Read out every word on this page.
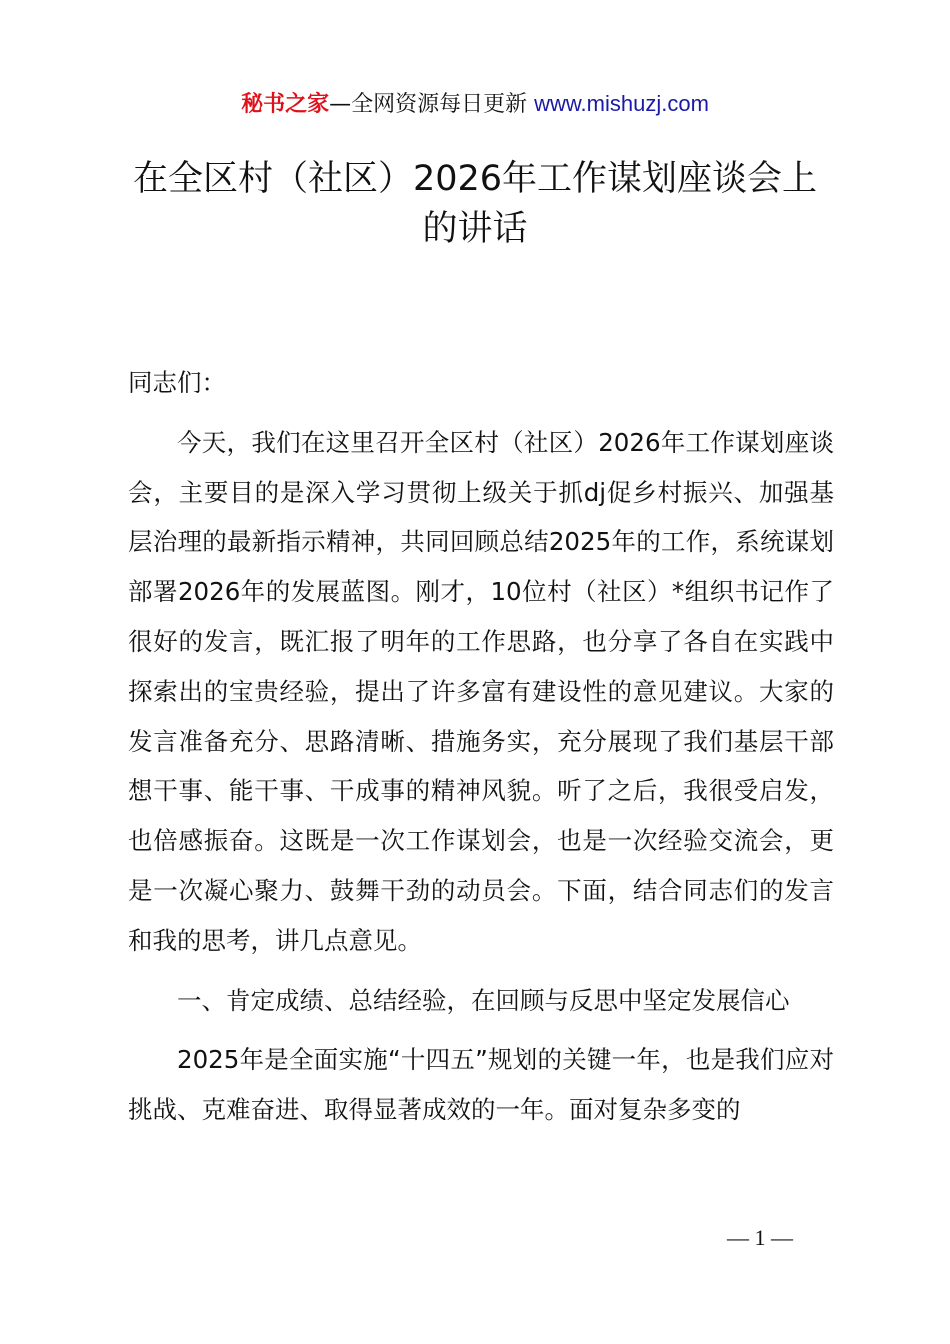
秘书之家—全网资源每日更新 www.mishuzj.com
在全区村（社区）2026年工作谋划座谈会上的讲话

同志们：

今天，我们在这里召开全区村（社区）2026年工作谋划座谈会，主要目的是深入学习贯彻上级关于抓dj促乡村振兴、加强基层治理的最新指示精神，共同回顾总结2025年的工作，系统谋划部署2026年的发展蓝图。刚才，10位村（社区）*组织书记作了很好的发言，既汇报了明年的工作思路，也分享了各自在实践中探索出的宝贵经验，提出了许多富有建设性的意见建议。大家的发言准备充分、思路清晰、措施务实，充分展现了我们基层干部想干事、能干事、干成事的精神风貌。听了之后，我很受启发，也倍感振奋。这既是一次工作谋划会，也是一次经验交流会，更是一次凝心聚力、鼓舞干劲的动员会。下面，结合同志们的发言和我的思考，讲几点意见。

一、肯定成绩、总结经验，在回顾与反思中坚定发展信心

2025年是全面实施“十四五”规划的关键一年，也是我们应对挑战、克难奋进、取得显著成效的一年。面对复杂多变的

— 1 —
